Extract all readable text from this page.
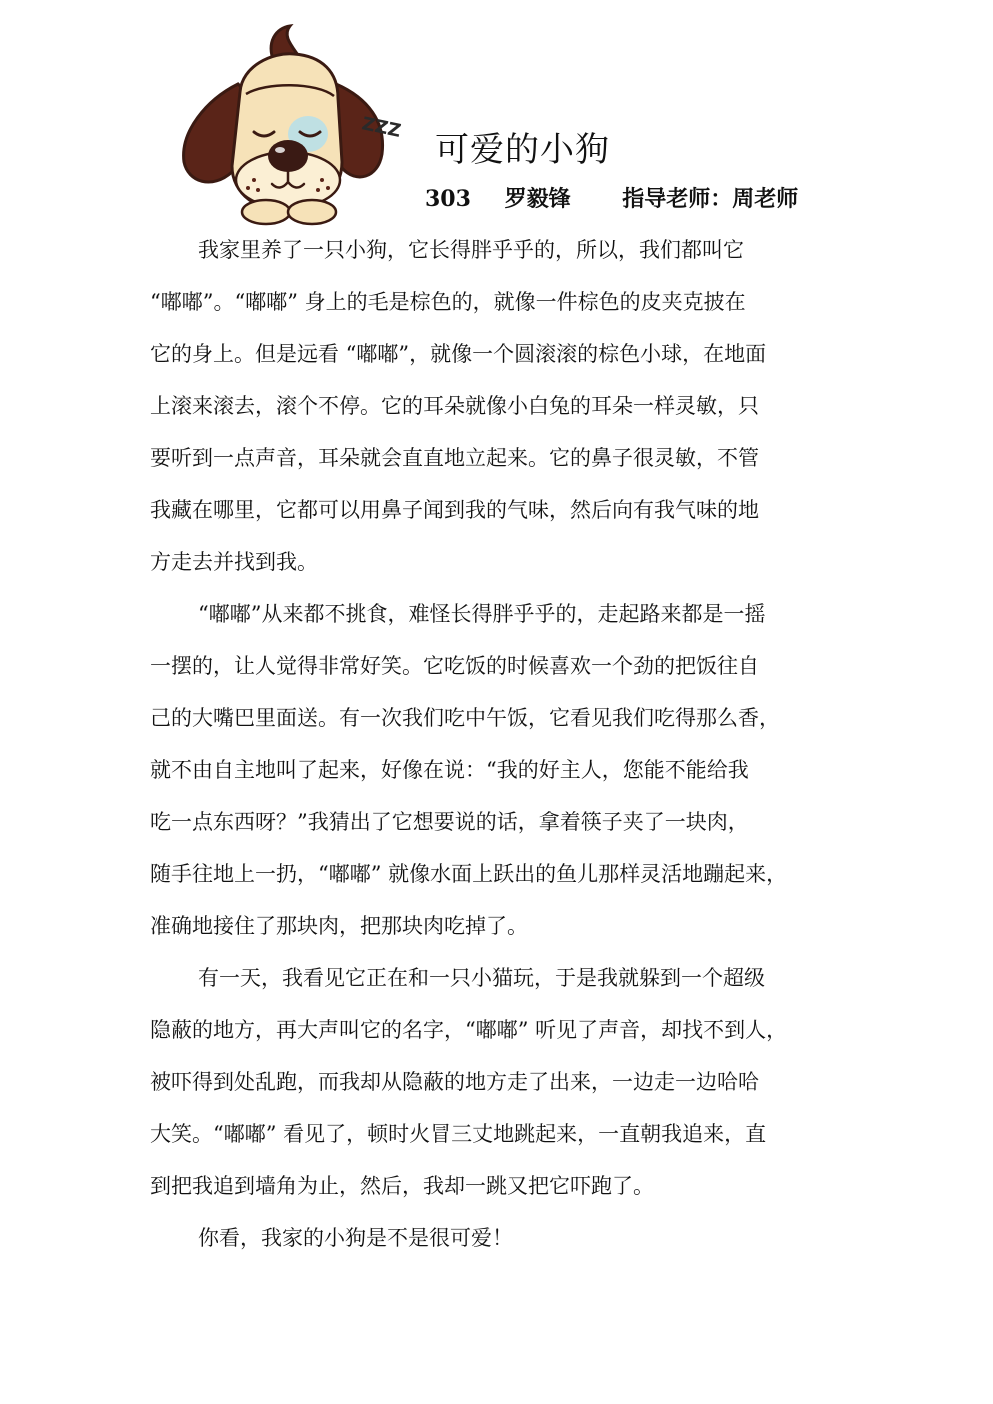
ZZZ
可爱的小狗
303 罗毅锋 指导老师：周老师
我家里养了一只小狗，它长得胖乎乎的，所以，我们都叫它
“嘟嘟”。“嘟嘟” 身上的毛是棕色的，就像一件棕色的皮夹克披在
它的身上。但是远看 “嘟嘟”，就像一个圆滚滚的棕色小球，在地面
上滚来滚去，滚个不停。它的耳朵就像小白兔的耳朵一样灵敏，只
要听到一点声音，耳朵就会直直地立起来。它的鼻子很灵敏，不管
我藏在哪里，它都可以用鼻子闻到我的气味，然后向有我气味的地
方走去并找到我。
“嘟嘟”从来都不挑食，难怪长得胖乎乎的，走起路来都是一摇
一摆的，让人觉得非常好笑。它吃饭的时候喜欢一个劲的把饭往自
己的大嘴巴里面送。有一次我们吃中午饭，它看见我们吃得那么香，
就不由自主地叫了起来，好像在说：“我的好主人，您能不能给我
吃一点东西呀？”我猜出了它想要说的话，拿着筷子夹了一块肉，
随手往地上一扔，“嘟嘟” 就像水面上跃出的鱼儿那样灵活地蹦起来，
准确地接住了那块肉，把那块肉吃掉了。
有一天，我看见它正在和一只小猫玩，于是我就躲到一个超级
隐蔽的地方，再大声叫它的名字，“嘟嘟” 听见了声音，却找不到人，
被吓得到处乱跑，而我却从隐蔽的地方走了出来，一边走一边哈哈
大笑。“嘟嘟” 看见了，顿时火冒三丈地跳起来，一直朝我追来，直
到把我追到墙角为止，然后，我却一跳又把它吓跑了。
你看，我家的小狗是不是很可爱！
